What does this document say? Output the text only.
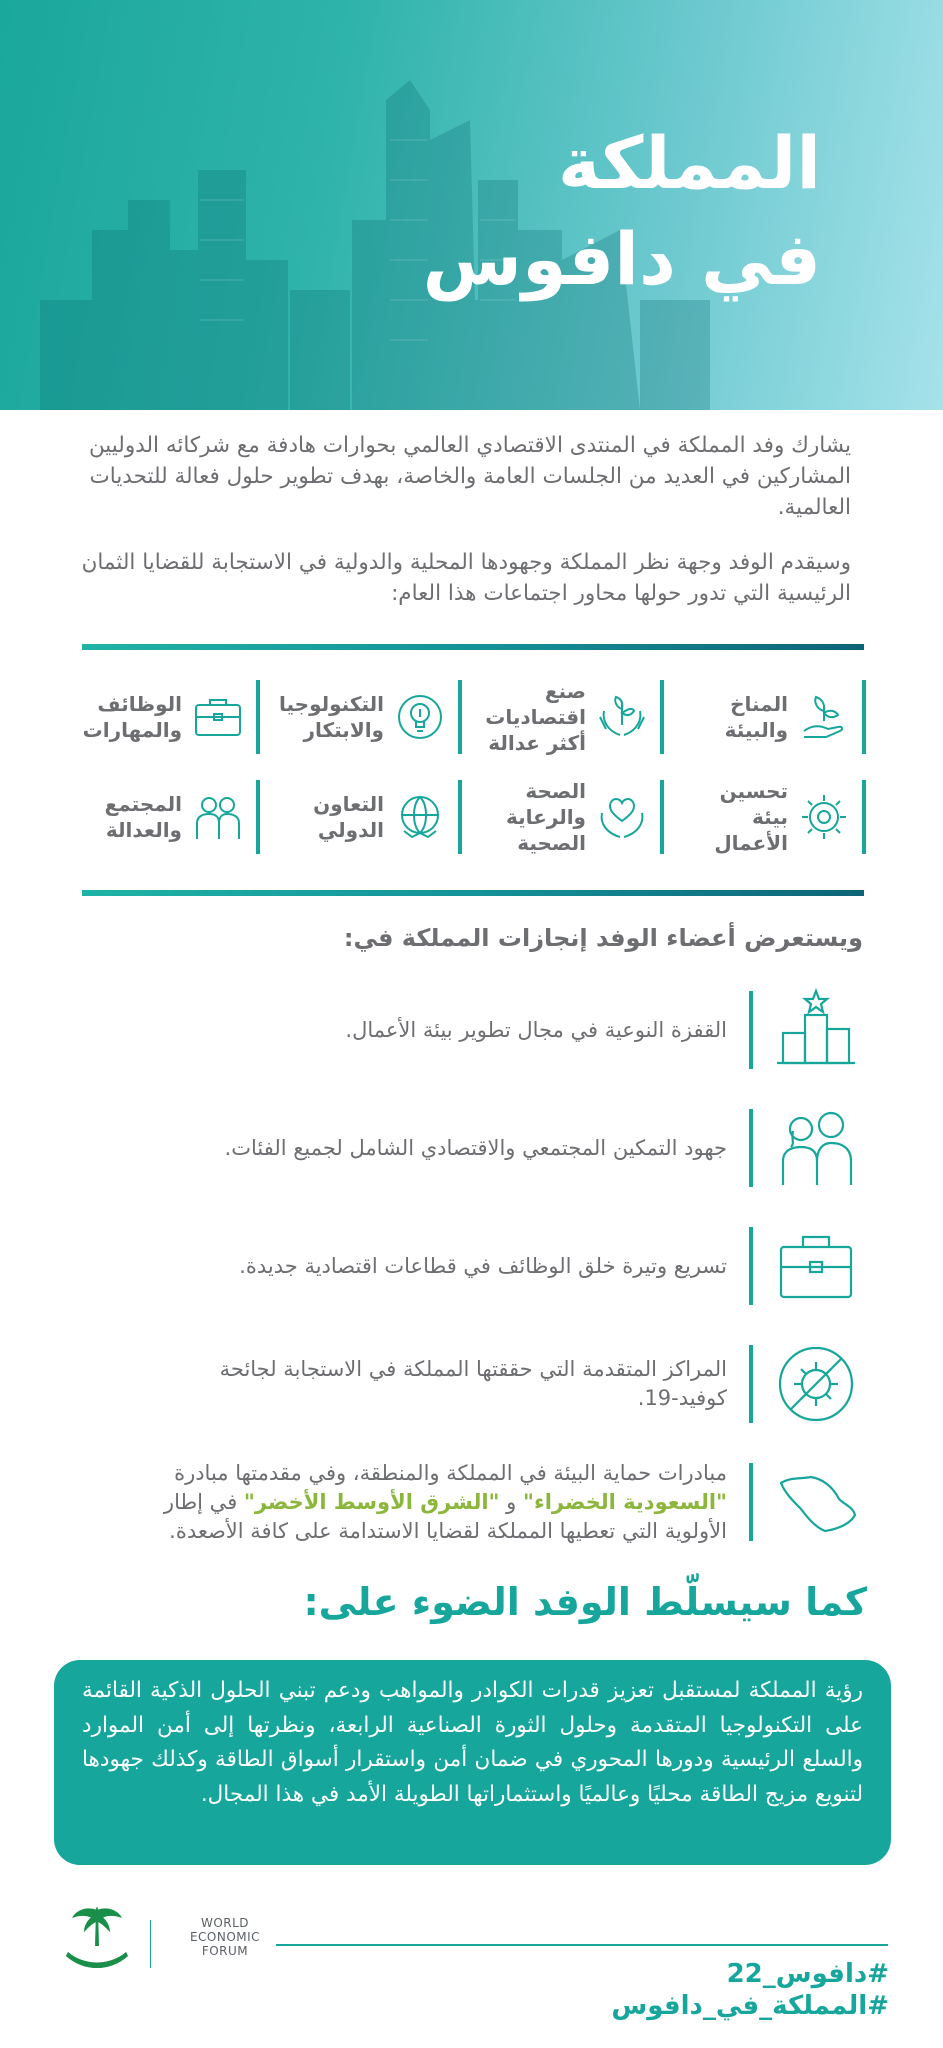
المملكة
في دافوس

يشارك وفد المملكة في المنتدى الاقتصادي العالمي بحوارات هادفة مع شركائه الدوليين المشاركين في العديد من الجلسات العامة والخاصة، بهدف تطوير حلول فعالة للتحديات العالمية.

وسيقدم الوفد وجهة نظر المملكة وجهودها المحلية والدولية في الاستجابة للقضايا الثمان الرئيسية التي تدور حولها محاور اجتماعات هذا العام:

المناخ
والبيئة
صنع اقتصاديات
أكثر عدالة
التكنولوجيا
والابتكار
الوظائف
والمهارات
تحسين
بيئة الأعمال
الصحة
والرعاية الصحية
التعاون
الدولي
المجتمع
والعدالة
ويستعرض أعضاء الوفد إنجازات المملكة في:
القفزة النوعية في مجال تطوير بيئة الأعمال.
جهود التمكين المجتمعي والاقتصادي الشامل لجميع الفئات.
تسريع وتيرة خلق الوظائف في قطاعات اقتصادية جديدة.
المراكز المتقدمة التي حققتها المملكة في الاستجابة لجائحة كوفيد-19.
مبادرات حماية البيئة في المملكة والمنطقة، وفي مقدمتها مبادرة "السعودية الخضراء" و "الشرق الأوسط الأخضر" في إطار الأولوية التي تعطيها المملكة لقضايا الاستدامة على كافة الأصعدة.
كما سيسلّط الوفد الضوء على:
رؤية المملكة لمستقبل تعزيز قدرات الكوادر والمواهب ودعم تبني الحلول الذكية القائمة على التكنولوجيا المتقدمة وحلول الثورة الصناعية الرابعة، ونظرتها إلى أمن الموارد والسلع الرئيسية ودورها المحوري في ضمان أمن واستقرار أسواق الطاقة وكذلك جهودها لتنويع مزيج الطاقة محليًا وعالميًا واستثماراتها الطويلة الأمد في هذا المجال.
WORLD
ECONOMIC
FORUM
#دافوس_22
#المملكة_في_دافوس
